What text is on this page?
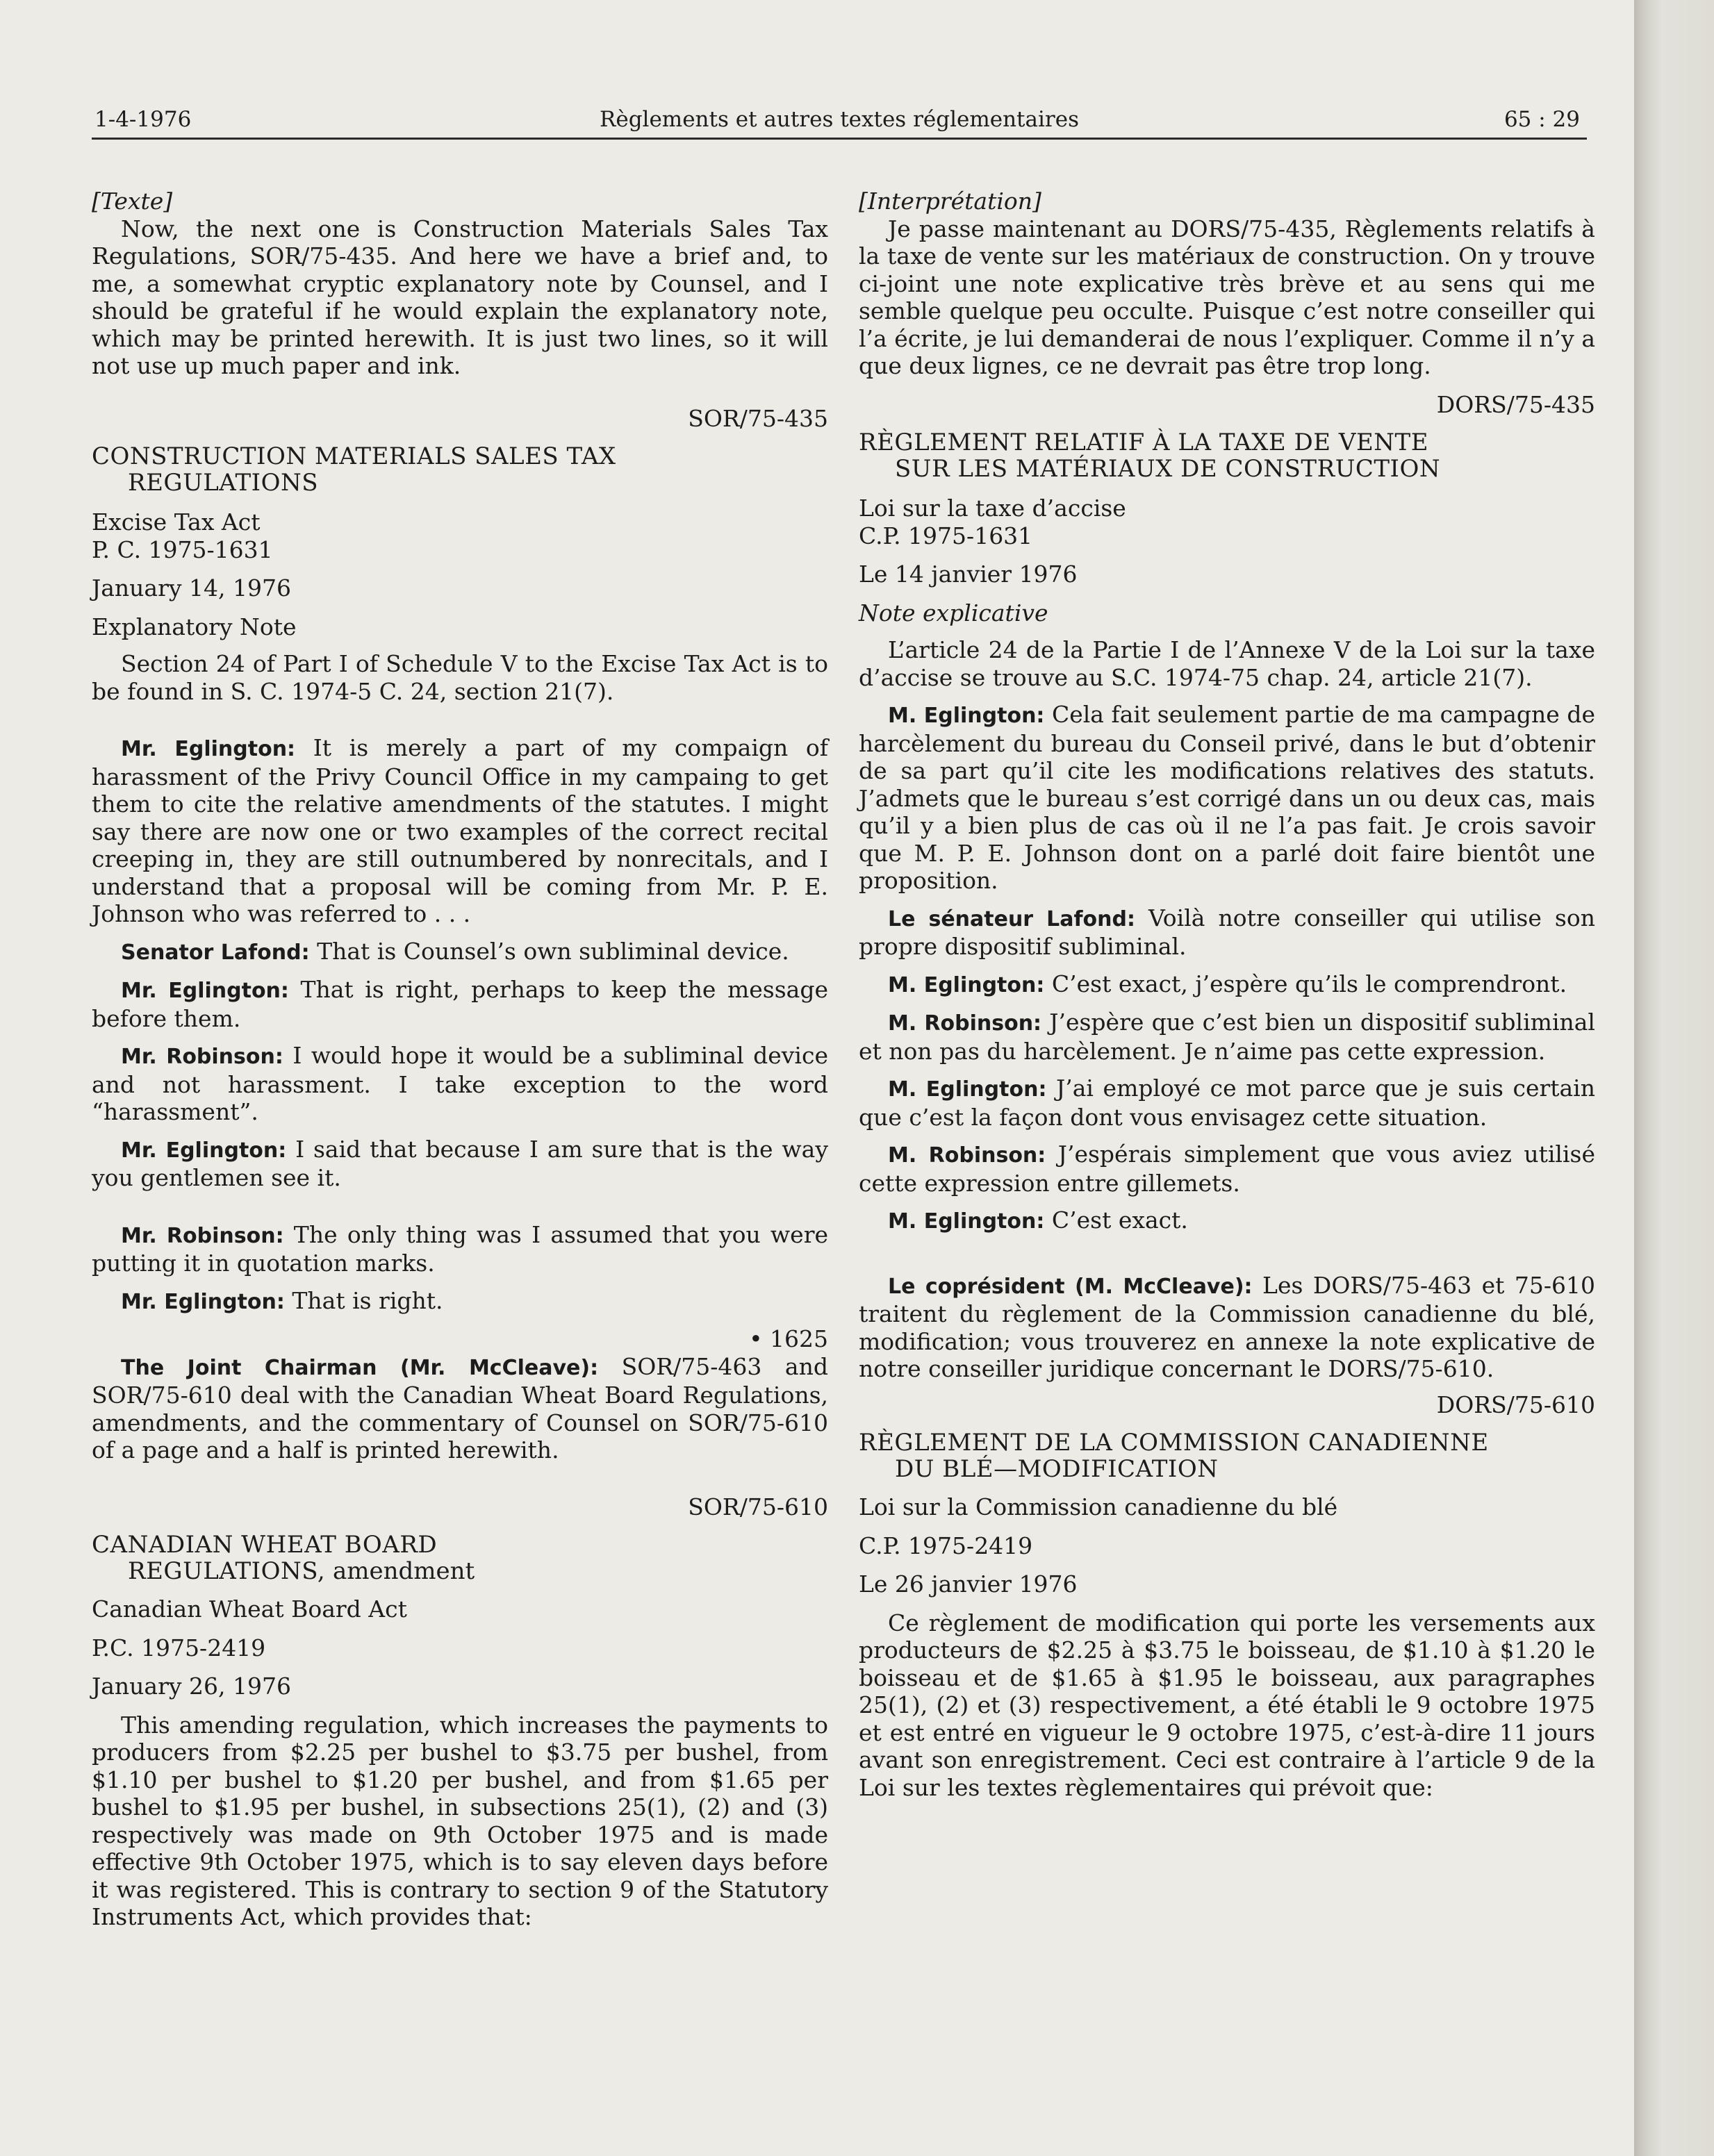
1-4-1976	Règlements et autres textes réglementaires	65 : 29

[Texte]

Now, the next one is Construction Materials Sales Tax Regulations, SOR/75-435. And here we have a brief and, to me, a somewhat cryptic explanatory note by Counsel, and I should be grateful if he would explain the explanatory note, which may be printed herewith. It is just two lines, so it will not use up much paper and ink.

SOR/75-435

CONSTRUCTION MATERIALS SALES TAX
REGULATIONS

Excise Tax Act

P. C. 1975-1631

January 14, 1976

Explanatory Note

Section 24 of Part I of Schedule V to the Excise Tax Act is to be found in S. C. 1974-5 C. 24, section 21(7).

Mr. Eglington: It is merely a part of my compaign of harassment of the Privy Council Office in my campaing to get them to cite the relative amendments of the statutes. I might say there are now one or two examples of the correct recital creeping in, they are still outnumbered by nonrecitals, and I understand that a proposal will be coming from Mr. P. E. Johnson who was referred to . . .

Senator Lafond: That is Counsel’s own subliminal device.

Mr. Eglington: That is right, perhaps to keep the message before them.

Mr. Robinson: I would hope it would be a subliminal device and not harassment. I take exception to the word “harassment”.

Mr. Eglington: I said that because I am sure that is the way you gentlemen see it.

Mr. Robinson: The only thing was I assumed that you were putting it in quotation marks.

Mr. Eglington: That is right.

• 1625

The Joint Chairman (Mr. McCleave): SOR/75-463 and SOR/75-610 deal with the Canadian Wheat Board Regulations, amendments, and the commentary of Counsel on SOR/75-610 of a page and a half is printed herewith.

SOR/75-610

CANADIAN WHEAT BOARD
REGULATIONS, amendment

Canadian Wheat Board Act

P.C. 1975-2419

January 26, 1976

This amending regulation, which increases the payments to producers from $2.25 per bushel to $3.75 per bushel, from $1.10 per bushel to $1.20 per bushel, and from $1.65 per bushel to $1.95 per bushel, in subsections 25(1), (2) and (3) respectively was made on 9th October 1975 and is made effective 9th October 1975, which is to say eleven days before it was registered. This is contrary to section 9 of the Statutory Instruments Act, which provides that:

[Interprétation]

Je passe maintenant au DORS/75-435, Règlements relatifs à la taxe de vente sur les matériaux de construction. On y trouve ci-joint une note explicative très brève et au sens qui me semble quelque peu occulte. Puisque c’est notre conseiller qui l’a écrite, je lui demanderai de nous l’expliquer. Comme il n’y a que deux lignes, ce ne devrait pas être trop long.

DORS/75-435

RÈGLEMENT RELATIF À LA TAXE DE VENTE
SUR LES MATÉRIAUX DE CONSTRUCTION

Loi sur la taxe d’accise

C.P. 1975-1631

Le 14 janvier 1976

Note explicative

L’article 24 de la Partie I de l’Annexe V de la Loi sur la taxe d’accise se trouve au S.C. 1974-75 chap. 24, article 21(7).

M. Eglington: Cela fait seulement partie de ma campagne de harcèlement du bureau du Conseil privé, dans le but d’obtenir de sa part qu’il cite les modifications relatives des statuts. J’admets que le bureau s’est corrigé dans un ou deux cas, mais qu’il y a bien plus de cas où il ne l’a pas fait. Je crois savoir que M. P. E. Johnson dont on a parlé doit faire bientôt une proposition.

Le sénateur Lafond: Voilà notre conseiller qui utilise son propre dispositif subliminal.

M. Eglington: C’est exact, j’espère qu’ils le comprendront.

M. Robinson: J’espère que c’est bien un dispositif subliminal et non pas du harcèlement. Je n’aime pas cette expression.

M. Eglington: J’ai employé ce mot parce que je suis certain que c’est la façon dont vous envisagez cette situation.

M. Robinson: J’espérais simplement que vous aviez utilisé cette expression entre gillemets.

M. Eglington: C’est exact.

Le coprésident (M. McCleave): Les DORS/75-463 et 75-610 traitent du règlement de la Commission canadienne du blé, modification; vous trouverez en annexe la note explicative de notre conseiller juridique concernant le DORS/75-610.

DORS/75-610

RÈGLEMENT DE LA COMMISSION CANADIENNE
DU BLÉ—MODIFICATION

Loi sur la Commission canadienne du blé

C.P. 1975-2419

Le 26 janvier 1976

Ce règlement de modification qui porte les versements aux producteurs de $2.25 à $3.75 le boisseau, de $1.10 à $1.20 le boisseau et de $1.65 à $1.95 le boisseau, aux paragraphes 25(1), (2) et (3) respectivement, a été établi le 9 octobre 1975 et est entré en vigueur le 9 octobre 1975, c’est-à-dire 11 jours avant son enregistrement. Ceci est contraire à l’article 9 de la Loi sur les textes règlementaires qui prévoit que:
